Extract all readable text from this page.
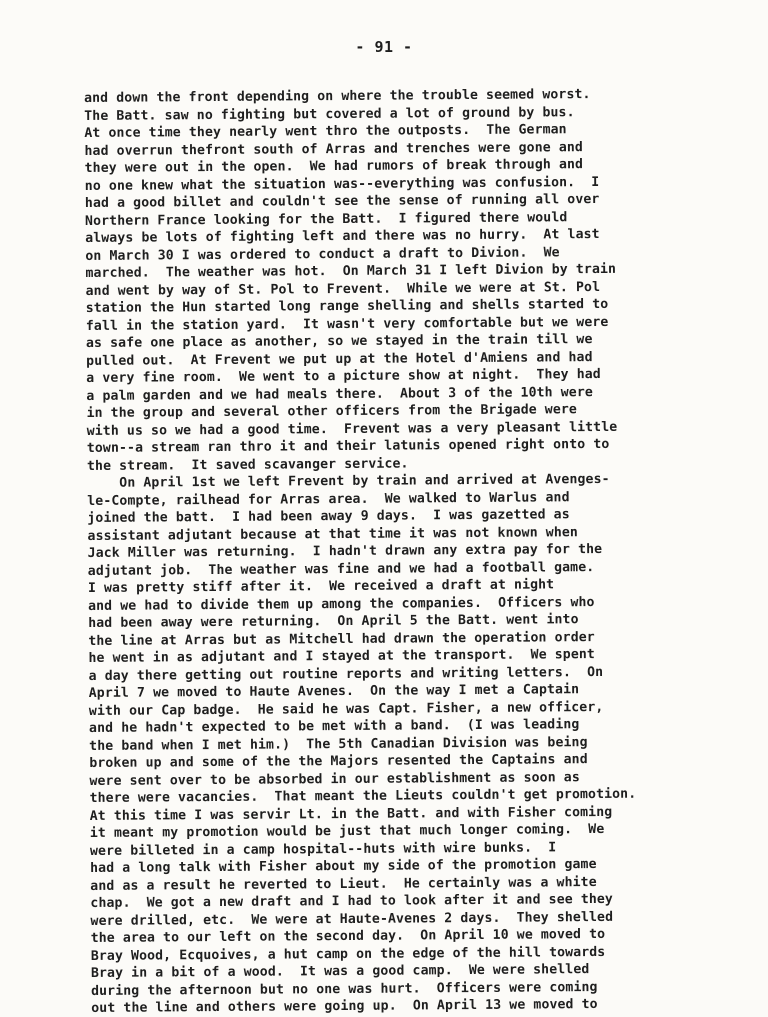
- 91 -
and down the front depending on where the trouble seemed worst.
The Batt. saw no fighting but covered a lot of ground by bus.
At once time they nearly went thro the outposts.  The German
had overrun thefront south of Arras and trenches were gone and
they were out in the open.  We had rumors of break through and
no one knew what the situation was--everything was confusion.  I
had a good billet and couldn't see the sense of running all over
Northern France looking for the Batt.  I figured there would
always be lots of fighting left and there was no hurry.  At last
on March 30 I was ordered to conduct a draft to Divion.  We
marched.  The weather was hot.  On March 31 I left Divion by train
and went by way of St. Pol to Frevent.  While we were at St. Pol
station the Hun started long range shelling and shells started to
fall in the station yard.  It wasn't very comfortable but we were
as safe one place as another, so we stayed in the train till we
pulled out.  At Frevent we put up at the Hotel d'Amiens and had
a very fine room.  We went to a picture show at night.  They had
a palm garden and we had meals there.  About 3 of the 10th were
in the group and several other officers from the Brigade were
with us so we had a good time.  Frevent was a very pleasant little
town--a stream ran thro it and their latunis opened right onto to
the stream.  It saved scavanger service.
On April 1st we left Frevent by train and arrived at Avenges-
le-Compte, railhead for Arras area.  We walked to Warlus and
joined the batt.  I had been away 9 days.  I was gazetted as
assistant adjutant because at that time it was not known when
Jack Miller was returning.  I hadn't drawn any extra pay for the
adjutant job.  The weather was fine and we had a football game.
I was pretty stiff after it.  We received a draft at night
and we had to divide them up among the companies.  Officers who
had been away were returning.  On April 5 the Batt. went into
the line at Arras but as Mitchell had drawn the operation order
he went in as adjutant and I stayed at the transport.  We spent
a day there getting out routine reports and writing letters.  On
April 7 we moved to Haute Avenes.  On the way I met a Captain
with our Cap badge.  He said he was Capt. Fisher, a new officer,
and he hadn't expected to be met with a band.  (I was leading
the band when I met him.)  The 5th Canadian Division was being
broken up and some of the the Majors resented the Captains and
were sent over to be absorbed in our establishment as soon as
there were vacancies.  That meant the Lieuts couldn't get promotion.
At this time I was servir Lt. in the Batt. and with Fisher coming
it meant my promotion would be just that much longer coming.  We
were billeted in a camp hospital--huts with wire bunks.  I
had a long talk with Fisher about my side of the promotion game
and as a result he reverted to Lieut.  He certainly was a white
chap.  We got a new draft and I had to look after it and see they
were drilled, etc.  We were at Haute-Avenes 2 days.  They shelled
the area to our left on the second day.  On April 10 we moved to
Bray Wood, Ecquoives, a hut camp on the edge of the hill towards
Bray in a bit of a wood.  It was a good camp.  We were shelled
during the afternoon but no one was hurt.  Officers were coming
out the line and others were going up.  On April 13 we moved to
